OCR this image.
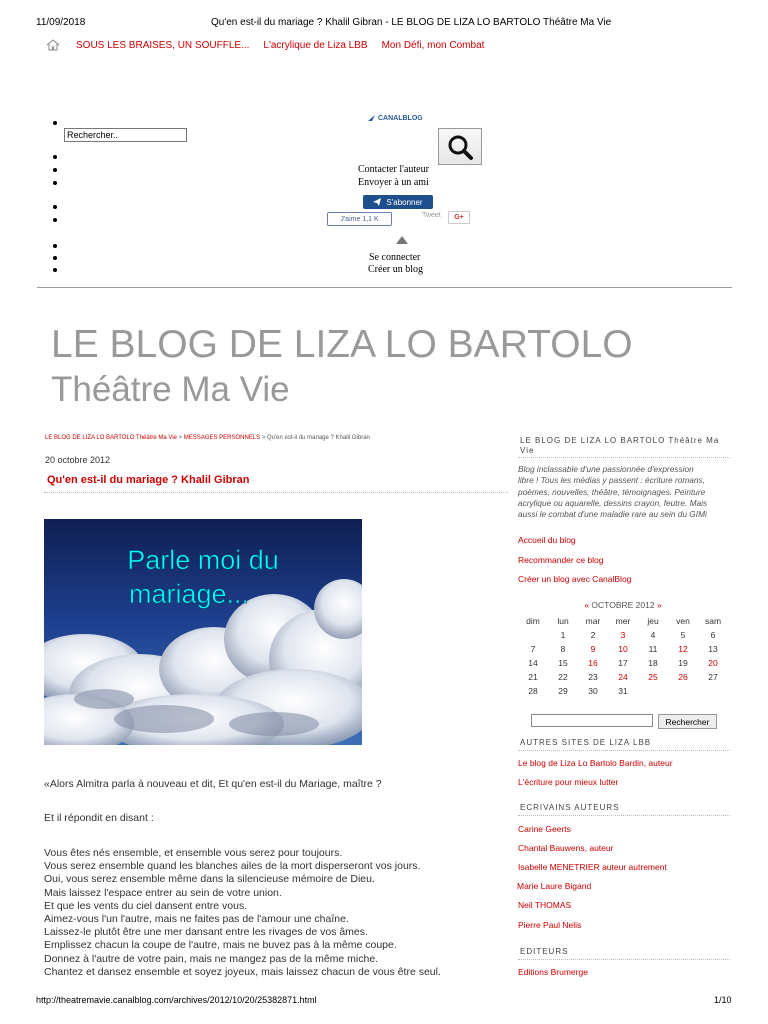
11/09/2018	Qu'en est-il du mariage ? Khalil Gibran - LE BLOG DE LIZA LO BARTOLO Théâtre Ma Vie
SOUS LES BRAISES, UN SOUFFLE... L'acrylique de Liza LBB Mon Défi, mon Combat
Rechercher..
CANALBLOG
Contacter l'auteur
Envoyer à un ami
S'abonner
J'aime 1,1 K	Tweet	G+
Se connecter
Créer un blog
LE BLOG DE LIZA LO BARTOLO
Théâtre Ma Vie
LE BLOG DE LIZA LO BARTOLO Théâtre Ma Vie > MESSAGES PERSONNELS > Qu'en est-il du mariage ? Khalil Gibran
20 octobre 2012
Qu'en est-il du mariage ? Khalil Gibran
Parle moi du
mariage...
«Alors Almitra parla à nouveau et dit, Et qu'en est-il du Mariage, maître ?
Et il répondit en disant :
Vous êtes nés ensemble, et ensemble vous serez pour toujours.
Vous serez ensemble quand les blanches ailes de la mort disperseront vos jours.
Oui, vous serez ensemble même dans la silencieuse mémoire de Dieu.
Mais laissez l'espace entrer au sein de votre union.
Et que les vents du ciel dansent entre vous.
Aimez-vous l'un l'autre, mais ne faites pas de l'amour une chaîne.
Laissez-le plutôt être une mer dansant entre les rivages de vos âmes.
Emplissez chacun la coupe de l'autre, mais ne buvez pas à la même coupe.
Donnez à l'autre de votre pain, mais ne mangez pas de la même miche.
Chantez et dansez ensemble et soyez joyeux, mais laissez chacun de vous être seul.
LE BLOG DE LIZA LO BARTOLO Théâtre Ma Vie
Blog inclassable d'une passionnée d'expression
libre ! Tous les médias y passent : écriture romans,
poèmes, nouvelles, théâtre, témoignages. Peinture
acrylique ou aquarelle, dessins crayon, feutre. Mais
aussi le combat d'une maladie rare au sein du GIMi
Accueil du blog
Recommander ce blog
Créer un blog avec CanalBlog
« OCTOBRE 2012 »
dim	lun	mar	mer	jeu	ven	sam
	1	2	3	4	5	6
7	8	9	10	11	12	13
14	15	16	17	18	19	20
21	22	23	24	25	26	27
28	29	30	31			
Rechercher
AUTRES SITES DE LIZA LBB
Le blog de Liza Lo Bartolo Bardin, auteur
L'écriture pour mieux lutter
ECRIVAINS AUTEURS
Carine Geerts
Chantal Bauwens, auteur
Isabelle MENETRIER auteur autrement
Marie Laure Bigand
Neil THOMAS
Pierre Paul Nelis
EDITEURS
Editions Brumerge
http://theatremavie.canalblog.com/archives/2012/10/20/25382871.html	1/10
